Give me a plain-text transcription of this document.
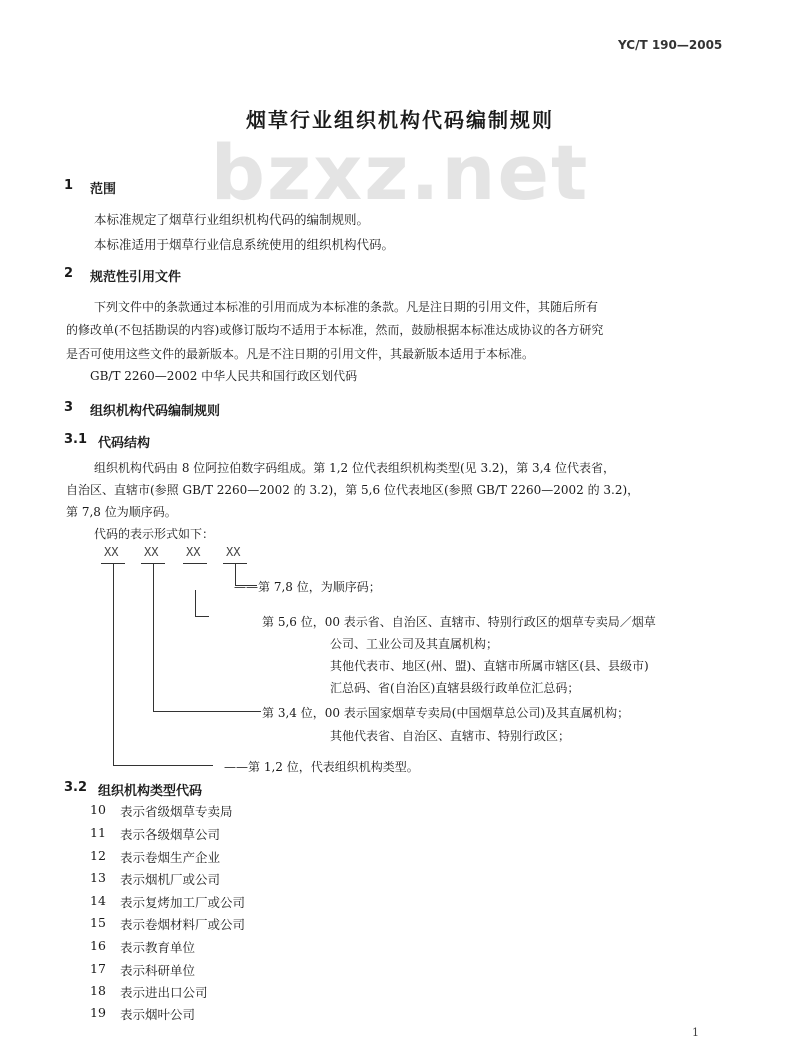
YC/T 190—2005
bzxz.net
烟草行业组织机构代码编制规则
1 范围
本标准规定了烟草行业组织机构代码的编制规则。
本标准适用于烟草行业信息系统使用的组织机构代码。
2 规范性引用文件
下列文件中的条款通过本标准的引用而成为本标准的条款。凡是注日期的引用文件，其随后所有
的修改单(不包括勘误的内容)或修订版均不适用于本标准，然而，鼓励根据本标准达成协议的各方研究
是否可使用这些文件的最新版本。凡是不注日期的引用文件，其最新版本适用于本标准。
GB/T 2260—2002 中华人民共和国行政区划代码
3 组织机构代码编制规则
3.1 代码结构
组织机构代码由 8 位阿拉伯数字码组成。第 1,2 位代表组织机构类型(见 3.2)，第 3,4 位代表省，
自治区、直辖市(参照 GB/T 2260—2002 的 3.2)，第 5,6 位代表地区(参照 GB/T 2260—2002 的 3.2)，
第 7,8 位为顺序码。
代码的表示形式如下：
XX XX XX XX
——第 7,8 位，为顺序码；
第 5,6 位，00 表示省、自治区、直辖市、特别行政区的烟草专卖局／烟草
公司、工业公司及其直属机构；
其他代表市、地区(州、盟)、直辖市所属市辖区(县、县级市)
汇总码、省(自治区)直辖县级行政单位汇总码；
第 3,4 位，00 表示国家烟草专卖局(中国烟草总公司)及其直属机构；
其他代表省、自治区、直辖市、特别行政区；
——第 1,2 位，代表组织机构类型。
3.2 组织机构类型代码
10 表示省级烟草专卖局
11 表示各级烟草公司
12 表示卷烟生产企业
13 表示烟机厂或公司
14 表示复烤加工厂或公司
15 表示卷烟材料厂或公司
16 表示教育单位
17 表示科研单位
18 表示进出口公司
19 表示烟叶公司
1
